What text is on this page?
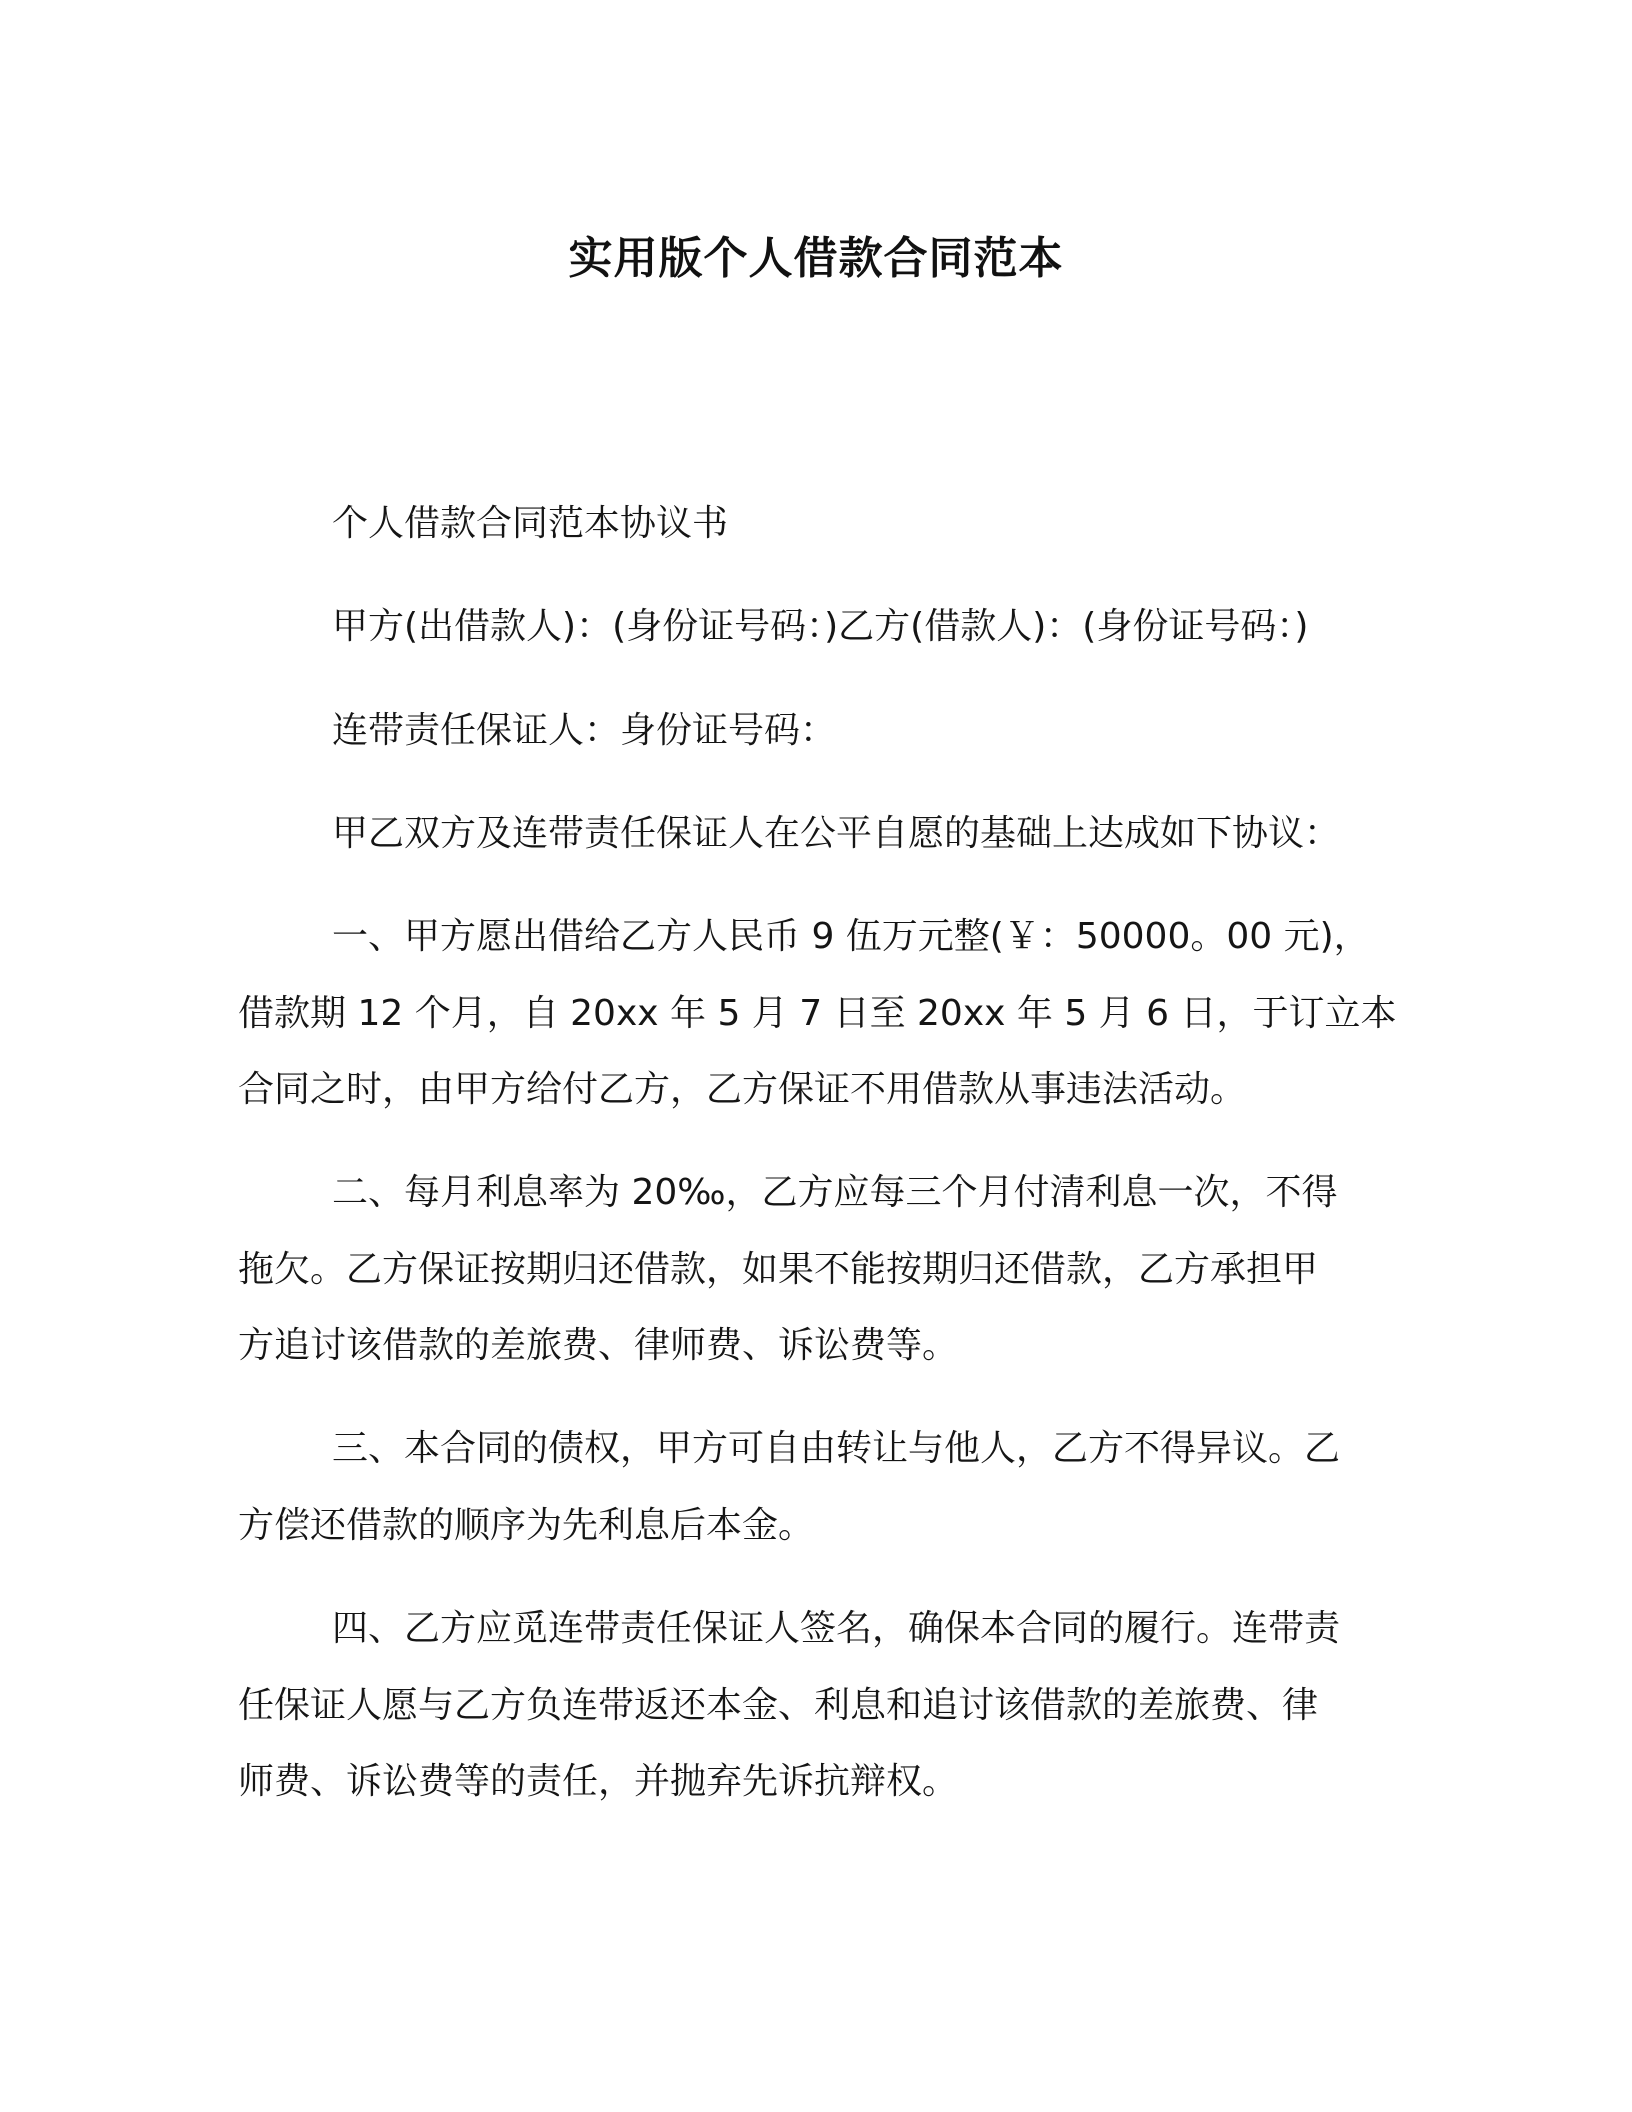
实用版个人借款合同范本
个人借款合同范本协议书
甲方(出借款人)：(身份证号码：)乙方(借款人)：(身份证号码：)
连带责任保证人：身份证号码：
甲乙双方及连带责任保证人在公平自愿的基础上达成如下协议：
一、甲方愿出借给乙方人民币 9 伍万元整(￥：50000。00 元)，
借款期 12 个月，自 20xx 年 5 月 7 日至 20xx 年 5 月 6 日，于订立本
合同之时，由甲方给付乙方，乙方保证不用借款从事违法活动。
二、每月利息率为 20‰，乙方应每三个月付清利息一次，不得
拖欠。乙方保证按期归还借款，如果不能按期归还借款，乙方承担甲
方追讨该借款的差旅费、律师费、诉讼费等。
三、本合同的债权，甲方可自由转让与他人，乙方不得异议。乙
方偿还借款的顺序为先利息后本金。
四、乙方应觅连带责任保证人签名，确保本合同的履行。连带责
任保证人愿与乙方负连带返还本金、利息和追讨该借款的差旅费、律
师费、诉讼费等的责任，并抛弃先诉抗辩权。
